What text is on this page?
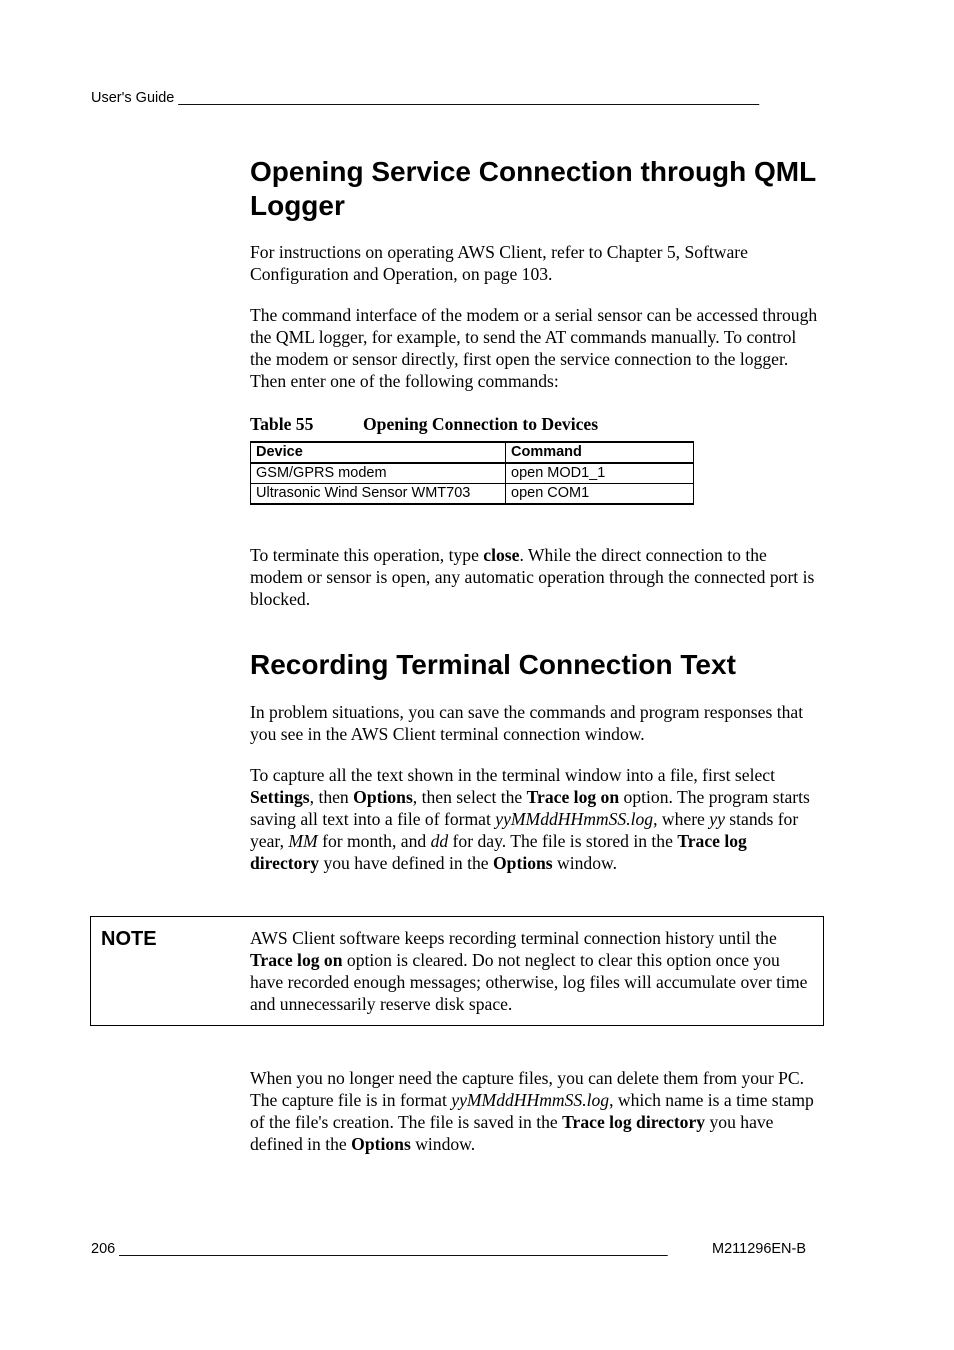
User's Guide ________________________________________________________________________
Opening Service Connection through QML Logger

For instructions on operating AWS Client, refer to Chapter 5, Software Configuration and Operation, on page 103.

The command interface of the modem or a serial sensor can be accessed through the QML logger, for example, to send the AT commands manually. To control the modem or sensor directly, first open the service connection to the logger. Then enter one of the following commands:

Table 55	Opening Connection to Devices
Device	Command
GSM/GPRS modem	open MOD1_1
Ultrasonic Wind Sensor WMT703	open COM1

To terminate this operation, type close. While the direct connection to the modem or sensor is open, any automatic operation through the connected port is blocked.

Recording Terminal Connection Text

In problem situations, you can save the commands and program responses that you see in the AWS Client terminal connection window.

To capture all the text shown in the terminal window into a file, first select Settings, then Options, then select the Trace log on option. The program starts saving all text into a file of format yyMMddHHmmSS.log, where yy stands for year, MM for month, and dd for day. The file is stored in the Trace log directory you have defined in the Options window.

NOTE	AWS Client software keeps recording terminal connection history until the Trace log on option is cleared. Do not neglect to clear this option once you have recorded enough messages; otherwise, log files will accumulate over time and unnecessarily reserve disk space.

When you no longer need the capture files, you can delete them from your PC. The capture file is in format yyMMddHHmmSS.log, which name is a time stamp of the file's creation. The file is saved in the Trace log directory you have defined in the Options window.

206 ____________________________________________________________________	M211296EN-B
